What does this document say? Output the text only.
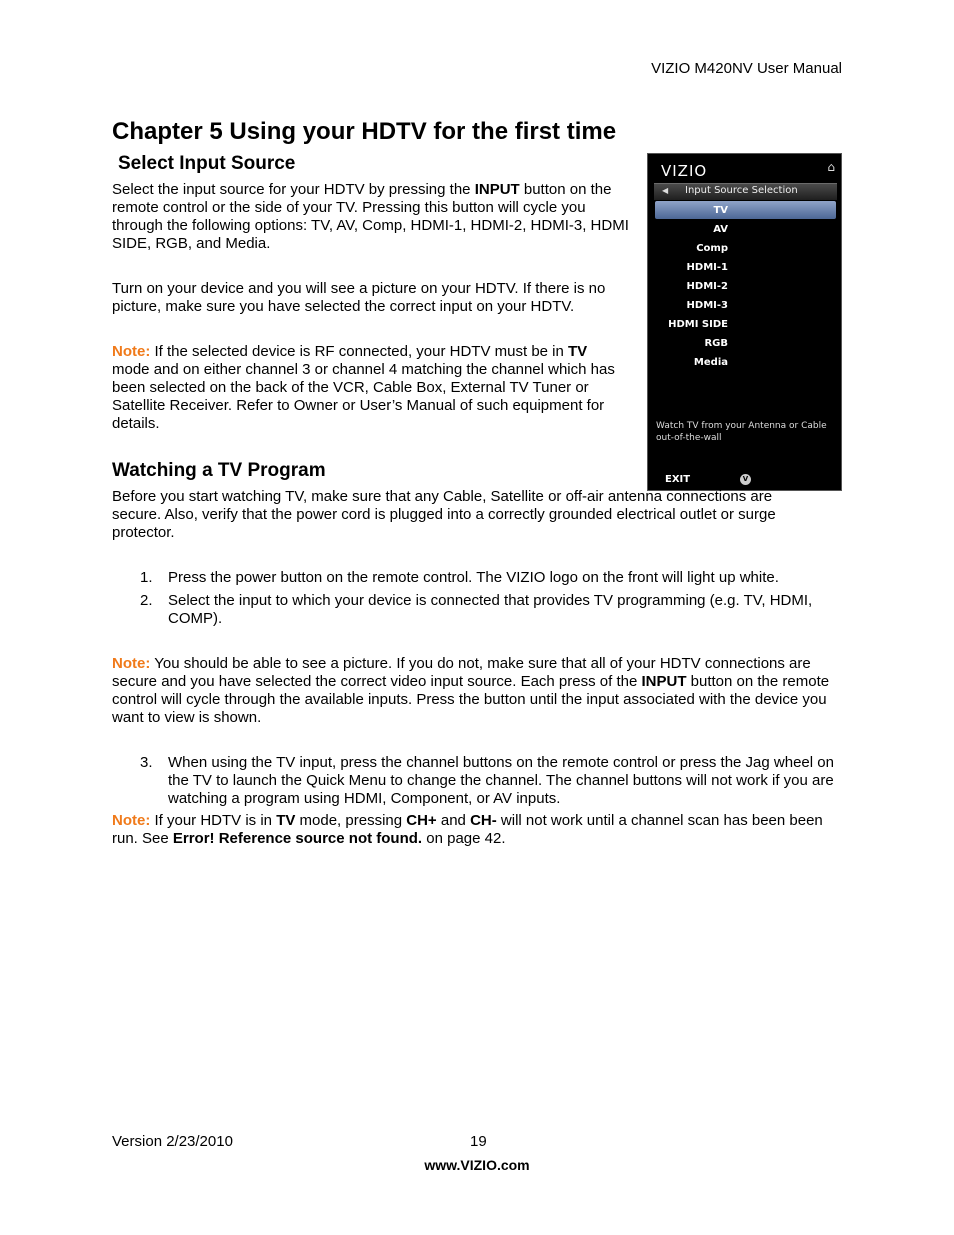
VIZIO M420NV User Manual
Chapter 5 Using your HDTV for the first time
Select Input Source
Select the input source for your HDTV by pressing the INPUT button on the remote control or the side of your TV. Pressing this button will cycle you through the following options: TV, AV, Comp, HDMI-1, HDMI-2, HDMI-3, HDMI SIDE, RGB, and Media.
Turn on your device and you will see a picture on your HDTV. If there is no picture, make sure you have selected the correct input on your HDTV.
Note: If the selected device is RF connected, your HDTV must be in TV mode and on either channel 3 or channel 4 matching the channel which has been selected on the back of the VCR, Cable Box, External TV Tuner or Satellite Receiver. Refer to Owner or User’s Manual of such equipment for details.
VIZIO	⌂
◀ Input Source Selection
TV
AV
Comp
HDMI-1
HDMI-2
HDMI-3
HDMI SIDE
RGB
Media
Watch TV from your Antenna or Cable out-of-the-wall
EXIT	V
Watching a TV Program
Before you start watching TV, make sure that any Cable, Satellite or off-air antenna connections are secure. Also, verify that the power cord is plugged into a correctly grounded electrical outlet or surge protector.
1. Press the power button on the remote control. The VIZIO logo on the front will light up white.
2. Select the input to which your device is connected that provides TV programming (e.g. TV, HDMI, COMP).
Note: You should be able to see a picture. If you do not, make sure that all of your HDTV connections are secure and you have selected the correct video input source. Each press of the INPUT button on the remote control will cycle through the available inputs. Press the button until the input associated with the device you want to view is shown.
3. When using the TV input, press the channel buttons on the remote control or press the Jag wheel on the TV to launch the Quick Menu to change the channel. The channel buttons will not work if you are watching a program using HDMI, Component, or AV inputs.
Note: If your HDTV is in TV mode, pressing CH+ and CH- will not work until a channel scan has been been run. See Error! Reference source not found. on page 42.
Version 2/23/2010	19
www.VIZIO.com
